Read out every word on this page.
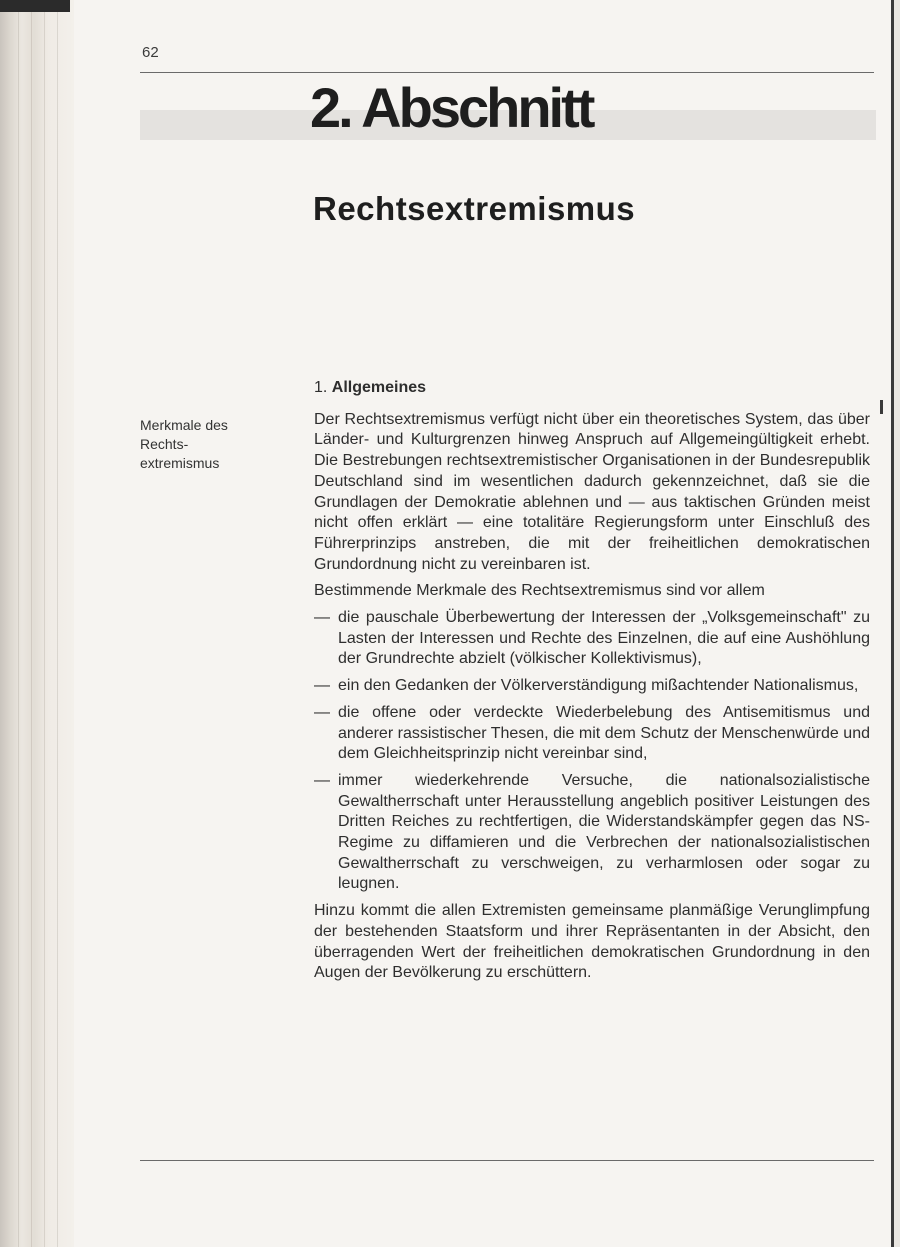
62
2. Abschnitt
Rechtsextremismus
Merkmale des
Rechts-
extremismus
1. Allgemeines

Der Rechtsextremismus verfügt nicht über ein theoretisches System, das über Länder- und Kulturgrenzen hinweg Anspruch auf Allgemeingültigkeit erhebt. Die Bestrebungen rechtsextremistischer Organisationen in der Bundesrepublik Deutschland sind im wesentlichen dadurch gekennzeichnet, daß sie die Grundlagen der Demokratie ablehnen und — aus taktischen Gründen meist nicht offen erklärt — eine totalitäre Regierungsform unter Einschluß des Führerprinzips anstreben, die mit der freiheitlichen demokratischen Grundordnung nicht zu vereinbaren ist.

Bestimmende Merkmale des Rechtsextremismus sind vor allem

— die pauschale Überbewertung der Interessen der „Volksgemeinschaft" zu Lasten der Interessen und Rechte des Einzelnen, die auf eine Aushöhlung der Grundrechte abzielt (völkischer Kollektivismus),
— ein den Gedanken der Völkerverständigung mißachtender Nationalismus,
— die offene oder verdeckte Wiederbelebung des Antisemitismus und anderer rassistischer Thesen, die mit dem Schutz der Menschenwürde und dem Gleichheitsprinzip nicht vereinbar sind,
— immer wiederkehrende Versuche, die nationalsozialistische Gewaltherrschaft unter Herausstellung angeblich positiver Leistungen des Dritten Reiches zu rechtfertigen, die Widerstandskämpfer gegen das NS-Regime zu diffamieren und die Verbrechen der nationalsozialistischen Gewaltherrschaft zu verschweigen, zu verharmlosen oder sogar zu leugnen.

Hinzu kommt die allen Extremisten gemeinsame planmäßige Verunglimpfung der bestehenden Staatsform und ihrer Repräsentanten in der Absicht, den überragenden Wert der freiheitlichen demokratischen Grundordnung in den Augen der Bevölkerung zu erschüttern.
